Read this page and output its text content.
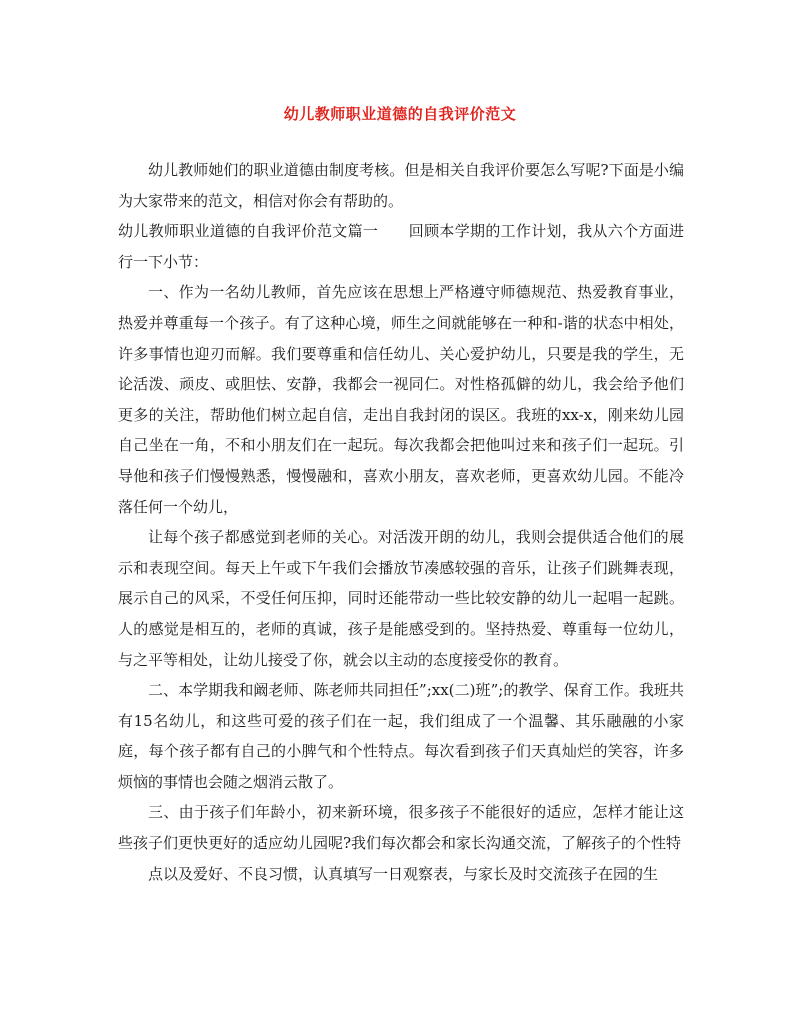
幼儿教师职业道德的自我评价范文

幼儿教师她们的职业道德由制度考核。但是相关自我评价要怎么写呢?下面是小编为大家带来的范文，相信对你会有帮助的。

幼儿教师职业道德的自我评价范文篇一　　回顾本学期的工作计划，我从六个方面进行一下小节：

一、作为一名幼儿教师，首先应该在思想上严格遵守师德规范、热爱教育事业，热爱并尊重每一个孩子。有了这种心境，师生之间就能够在一种和-谐的状态中相处，许多事情也迎刃而解。我们要尊重和信任幼儿、关心爱护幼儿，只要是我的学生，无论活泼、顽皮、或胆怯、安静，我都会一视同仁。对性格孤僻的幼儿，我会给予他们更多的关注，帮助他们树立起自信，走出自我封闭的误区。我班的xx-x，刚来幼儿园自己坐在一角，不和小朋友们在一起玩。每次我都会把他叫过来和孩子们一起玩。引导他和孩子们慢慢熟悉，慢慢融和，喜欢小朋友，喜欢老师，更喜欢幼儿园。不能冷落任何一个幼儿，

让每个孩子都感觉到老师的关心。对活泼开朗的幼儿，我则会提供适合他们的展示和表现空间。每天上午或下午我们会播放节凑感较强的音乐，让孩子们跳舞表现，展示自己的风采，不受任何压抑，同时还能带动一些比较安静的幼儿一起唱一起跳。人的感觉是相互的，老师的真诚，孩子是能感受到的。坚持热爱、尊重每一位幼儿，与之平等相处，让幼儿接受了你，就会以主动的态度接受你的教育。

二、本学期我和阚老师、陈老师共同担任”;xx(二)班”;的教学、保育工作。我班共有15名幼儿，和这些可爱的孩子们在一起，我们组成了一个温馨、其乐融融的小家庭，每个孩子都有自己的小脾气和个性特点。每次看到孩子们天真灿烂的笑容，许多烦恼的事情也会随之烟消云散了。

三、由于孩子们年龄小，初来新环境，很多孩子不能很好的适应，怎样才能让这些孩子们更快更好的适应幼儿园呢?我们每次都会和家长沟通交流，了解孩子的个性特

点以及爱好、不良习惯，认真填写一日观察表，与家长及时交流孩子在园的生
